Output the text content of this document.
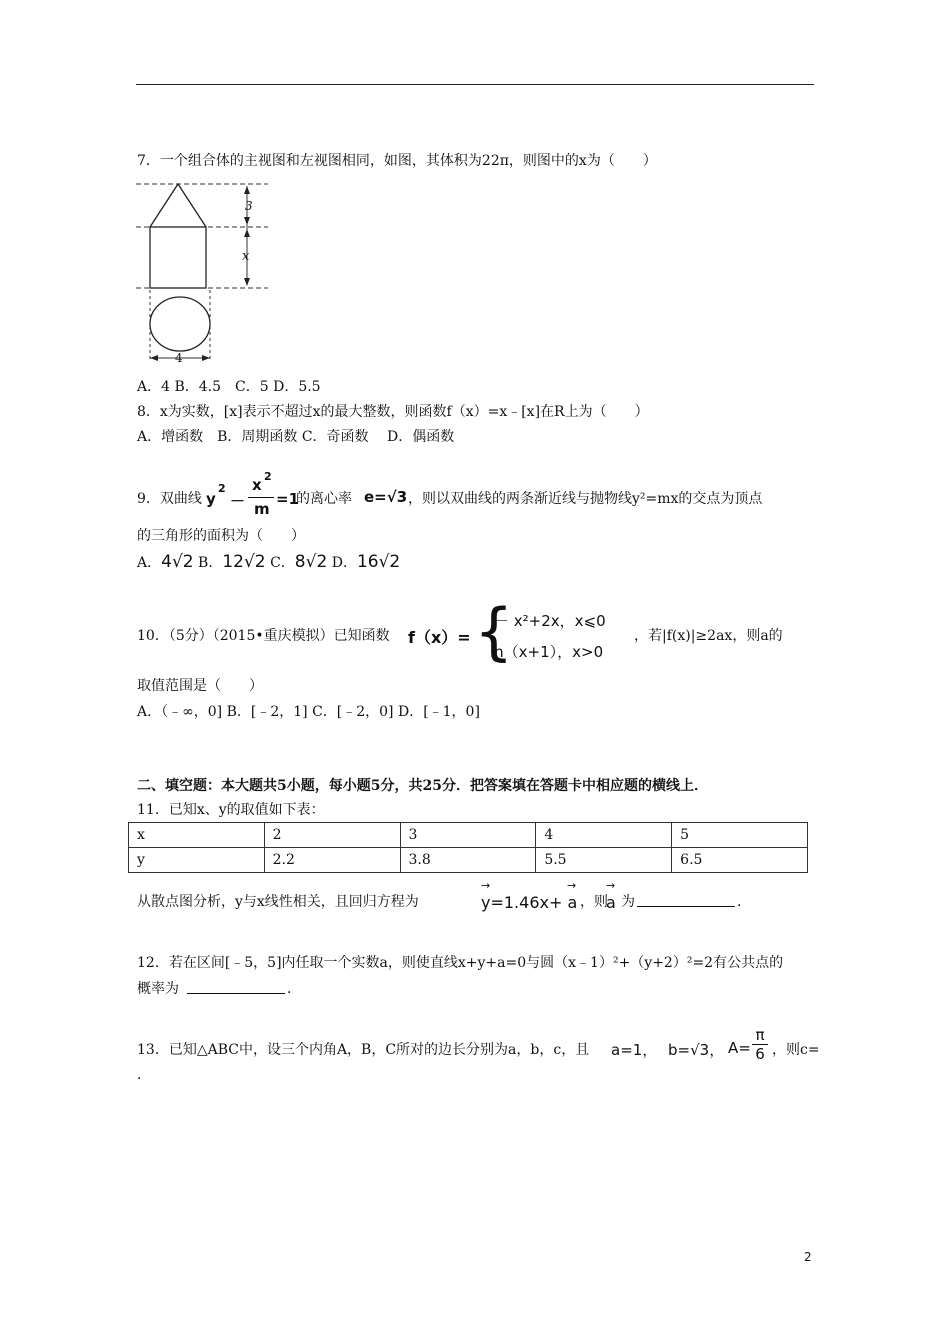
7．一个组合体的主视图和左视图相同，如图，其体积为22π，则图中的x为（　　）
3
x
4
A．4 B．4.5　C．5 D．5.5
8．x为实数，[x]表示不超过x的最大整数，则函数f（x）=x﹣[x]在R上为（　　）
A．增函数　B．周期函数 C．奇函数　 D．偶函数
9．双曲线 y
2
－
x 2
m
=1
的离心率 e=√3 ，则以双曲线的两条渐近线与抛物线y²=mx的交点为顶点
的三角形的面积为（　　）
A．4√2 B．12√2 C．8√2 D．16√2
10．（5分）（2015•重庆模拟）已知函数 f（x）= {
－ x²+2x，x⩽0
ln（x+1），x>0
，若|f(x)|≥2ax，则a的
取值范围是（　　）
A．（﹣∞，0] B．[﹣2，1] C．[﹣2，0] D．[﹣1，0]
二、填空题：本大题共5小题，每小题5分，共25分．把答案填在答题卡中相应题的横线上．
11．已知x、y的取值如下表：
x	2	3	4	5
y	2.2	3.8	5.5	6.5
从散点图分析，y与x线性相关，且回归方程为
→	→
y=1.46x+ a ，则
→
a 为	．
12．若在区间[﹣5，5]内任取一个实数a，则使直线x+y+a=0与圆（x﹣1）²+（y+2）²=2有公共点的
概率为	．
13．已知△ABC中，设三个内角A，B，C所对的边长分别为a，b，c，且 a=1， b=√3， A=
π
6 ，则c=
．
2
